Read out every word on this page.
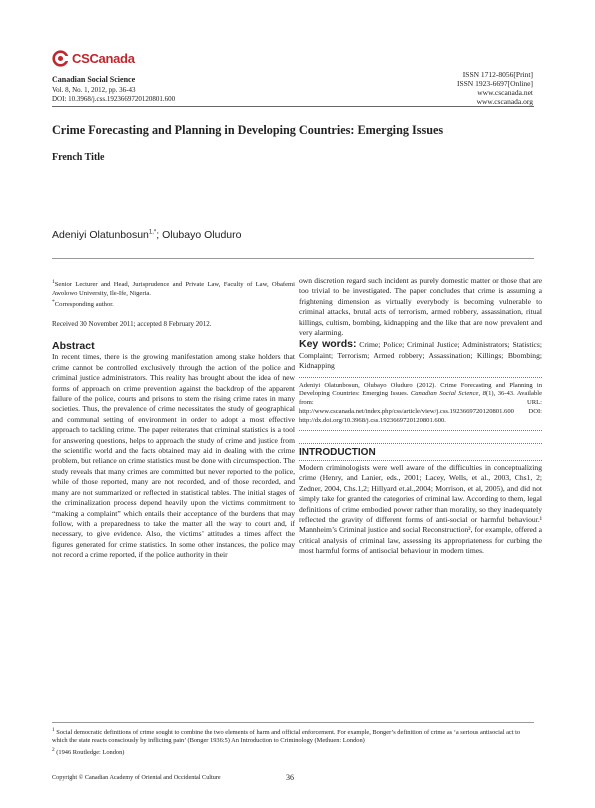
CSCanada
Canadian Social Science
Vol. 8, No. 1, 2012, pp. 36-43
DOI: 10.3968/j.css.1923669720120801.600
ISSN 1712-8056[Print]
ISSN 1923-6697[Online]
www.cscanada.net
www.cscanada.org
Crime Forecasting and Planning in Developing Countries: Emerging Issues
French Title
Adeniyi Olatunbosun$^{1,*}$; Olubayo Oluduro
$^1$Senior Lecturer and Head, Jurisprudence and Private Law, Faculty of Law, Obafemi Awolowo University, Ile-Ife, Nigeria.
*Corresponding author.
Received 30 November 2011; accepted 8 February 2012.
Abstract

In recent times, there is the growing manifestation among stake holders that crime cannot be controlled exclusively through the action of the police and criminal justice administrators. This reality has brought about the idea of new forms of approach on crime prevention against the backdrop of the apparent failure of the police, courts and prisons to stem the rising crime rates in many societies. Thus, the prevalence of crime necessitates the study of geographical and communal setting of environment in order to adopt a most effective approach to tackling crime. The paper reiterates that criminal statistics is a tool for answering questions, helps to approach the study of crime and justice from the scientific world and the facts obtained may aid in dealing with the crime problem, but reliance on crime statistics must be done with circumspection. The study reveals that many crimes are committed but never reported to the police, while of those reported, many are not recorded, and of those recorded, and many are not summarized or reflected in statistical tables. The initial stages of the criminalization process depend heavily upon the victims commitment to “making a complaint” which entails their acceptance of the burdens that may follow, with a preparedness to take the matter all the way to court and, if necessary, to give evidence. Also, the victims’ attitudes a times affect the figures generated for crime statistics. In some other instances, the police may not record a crime reported, if the police authority in their

own discretion regard such incident as purely domestic matter or those that are too trivial to be investigated. The paper concludes that crime is assuming a frightening dimension as virtually everybody is becoming vulnerable to criminal attacks, brutal acts of terrorism, armed robbery, assassination, ritual killings, cultism, bombing, kidnapping and the like that are now prevalent and very alarming.

Key words: Crime; Police; Criminal Justice; Administrators; Statistics; Complaint; Terrorism; Armed robbery; Assassination; Killings; Bbombing; Kidnapping

Adeniyi Olatunbosun, Olubayo Oluduro (2012). Crime Forecasting and Planning in Developing Countries: Emerging Issues. Canadian Social Science, 8(1), 36-43. Available from: URL: http://www.cscanada.net/index.php/css/article/view/j.css.1923669720120801.600 DOI: http://dx.doi.org/10.3968/j.css.1923669720120801.600.
INTRODUCTION

Modern criminologists were well aware of the difficulties in conceptualizing crime (Henry, and Lanier, eds., 2001; Lacey, Wells, et al., 2003, Chs1, 2; Zedner, 2004, Chs.1,2; Hillyard et.al.,2004; Morrison, et al, 2005), and did not simply take for granted the categories of criminal law. According to them, legal definitions of crime embodied power rather than morality, so they inadequately reflected the gravity of different forms of anti-social or harmful behaviour.¹ Mannheim’s Criminal justice and social Reconstruction², for example, offered a critical analysis of criminal law, assessing its appropriateness for curbing the most harmful forms of antisocial behaviour in modern times.

$^1$ Social democratic definitions of crime sought to combine the two elements of harm and official enforcement. For example, Bonger’s definition of crime as ‘a serious antisocial act to which the state reacts consciously by inflicting pain’ (Bonger 1936:5) An Introduction to Criminology (Methuen: London)
$^2$ (1946 Routledge: London)
Copyright © Canadian Academy of Oriental and Occidental Culture	36
